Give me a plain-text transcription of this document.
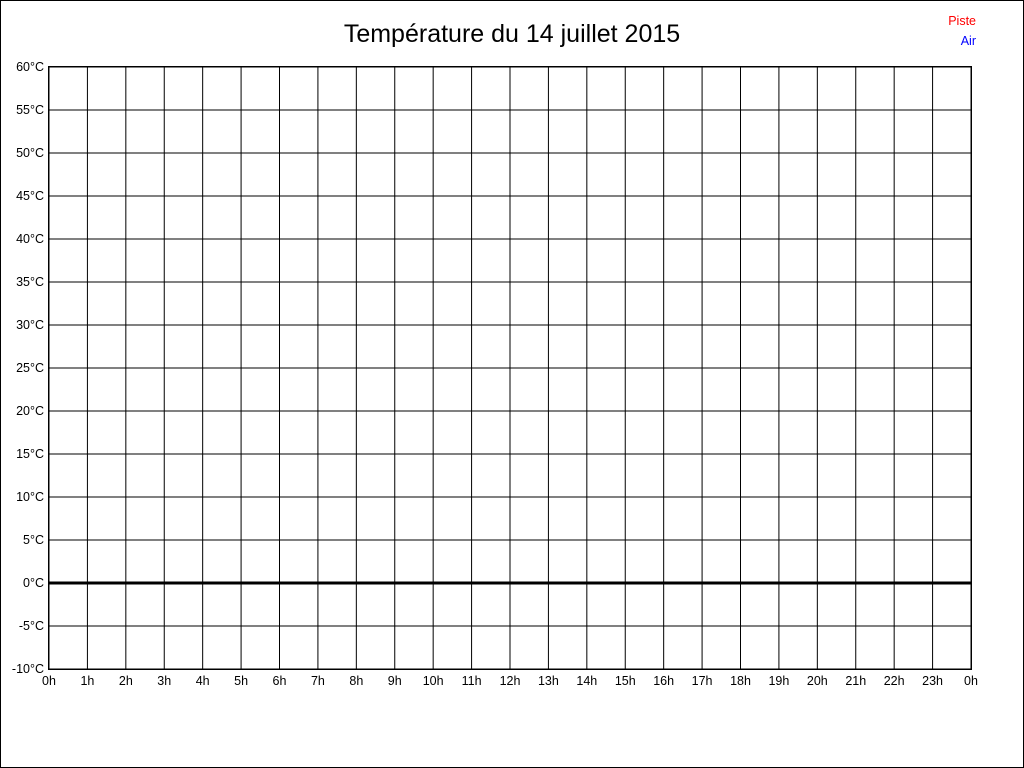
Température du 14 juillet 2015	Piste
Air
60°C
55°C
50°C
45°C
40°C
35°C
30°C
25°C
20°C
15°C
10°C
5°C
0°C
-5°C
-10°C
0h 1h 2h 3h 4h 5h 6h 7h 8h 9h 10h 11h 12h 13h 14h 15h 16h 17h 18h 19h 20h 21h 22h 23h 0h
